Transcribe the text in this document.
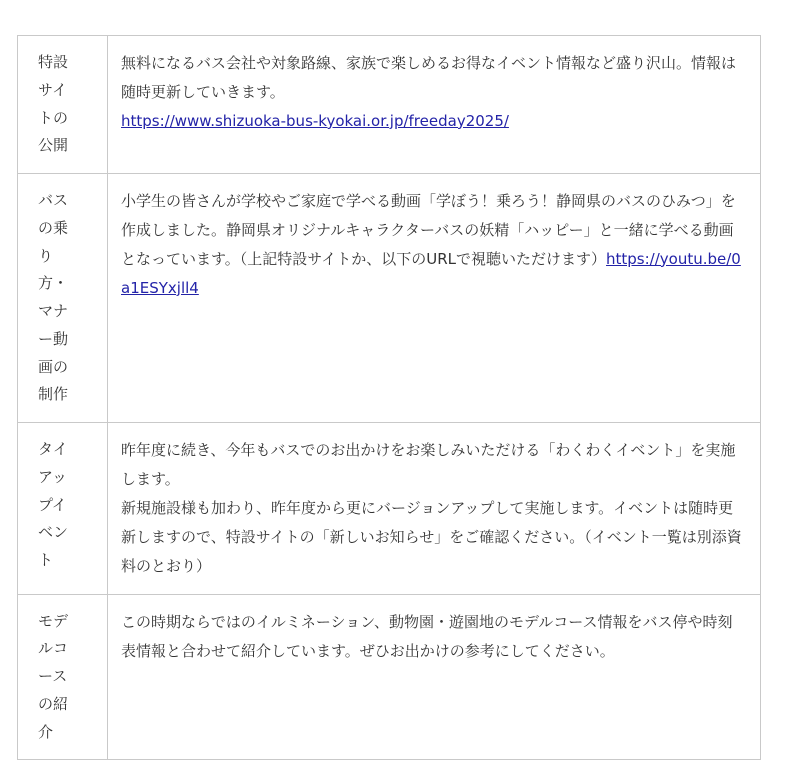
特設サイトの公開	無料になるバス会社や対象路線、家族で楽しめるお得なイベント情報など盛り沢山。情報は随時更新していきます。
https://www.shizuoka-bus-kyokai.or.jp/freeday2025/

バスの乗り方・マナー動画の制作	小学生の皆さんが学校やご家庭で学べる動画「学ぼう！乗ろう！静岡県のバスのひみつ」を作成しました。静岡県オリジナルキャラクターバスの妖精「ハッピー」と一緒に学べる動画となっています。（上記特設サイトか、以下のURLで視聴いただけます）https://youtu.be/0a1ESYxjll4

タイアップイベント	昨年度に続き、今年もバスでのお出かけをお楽しみいただける「わくわくイベント」を実施します。
新規施設様も加わり、昨年度から更にバージョンアップして実施します。イベントは随時更新しますので、特設サイトの「新しいお知らせ」をご確認ください。（イベント一覧は別添資料のとおり）

モデルコースの紹介	この時期ならではのイルミネーション、動物園・遊園地のモデルコース情報をバス停や時刻表情報と合わせて紹介しています。ぜひお出かけの参考にしてください。
